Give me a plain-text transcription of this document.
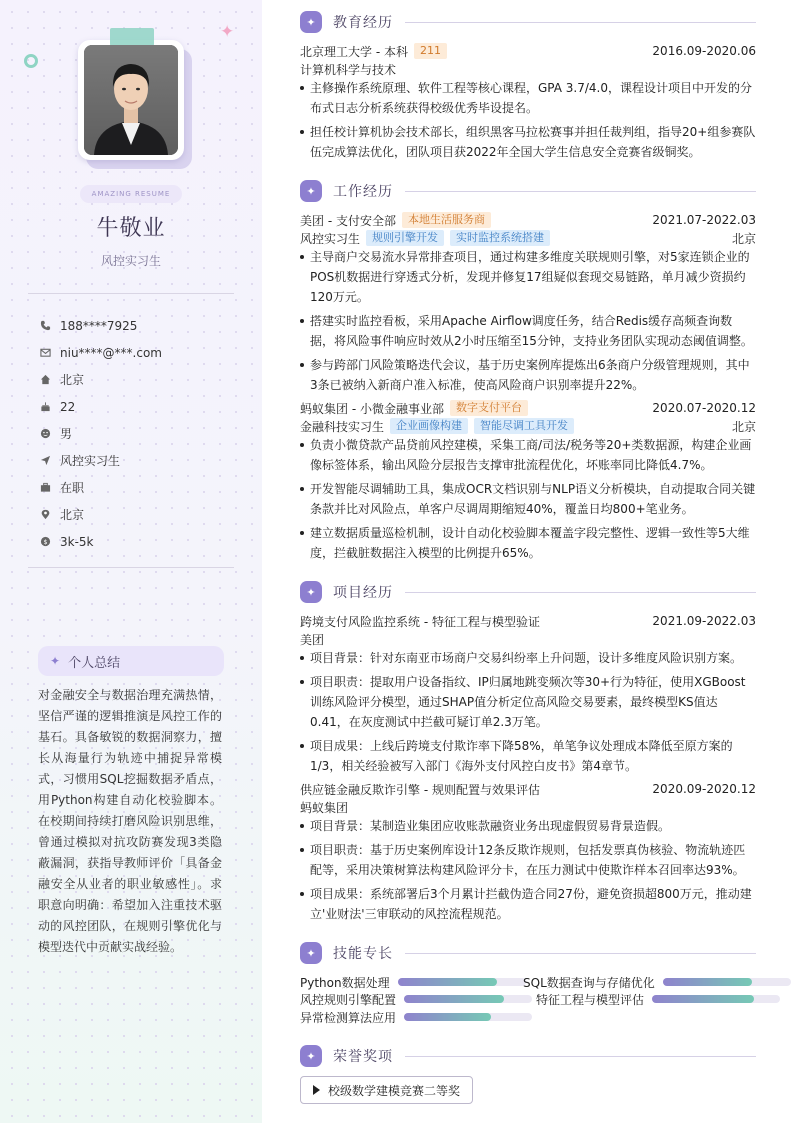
✦
AMAZING RESUME
牛敬业
风控实习生
188****7925
niu****@***.com
北京
22
男
风控实习生
在职
北京
$ 3k-5k
✦ 个人总结
对金融安全与数据治理充满热情，坚信严谨的逻辑推演是风控工作的基石。具备敏锐的数据洞察力，擅长从海量行为轨迹中捕捉异常模式，习惯用SQL挖掘数据矛盾点，用Python构建自动化校验脚本。在校期间持续打磨风险识别思维，曾通过模拟对抗攻防赛发现3类隐蔽漏洞，获指导教师评价「具备金融安全从业者的职业敏感性」。求职意向明确：希望加入注重技术驱动的风控团队，在规则引擎优化与模型迭代中贡献实战经验。
✦	教育经历
北京理工大学 - 本科	211	2016.09-2020.06
计算机科学与技术
主修操作系统原理、软件工程等核心课程，GPA 3.7/4.0，课程设计项目中开发的分布式日志分析系统获得校级优秀毕设提名。
担任校计算机协会技术部长，组织黑客马拉松赛事并担任裁判组，指导20+组参赛队伍完成算法优化，团队项目获2022年全国大学生信息安全竞赛省级铜奖。
✦	工作经历
美团 - 支付安全部	本地生活服务商	2021.07-2022.03
风控实习生	规则引擎开发	实时监控系统搭建	北京
主导商户交易流水异常排查项目，通过构建多维度关联规则引擎，对5家连锁企业的POS机数据进行穿透式分析，发现并修复17组疑似套现交易链路，单月减少资损约120万元。
搭建实时监控看板，采用Apache Airflow调度任务，结合Redis缓存高频查询数据，将风险事件响应时效从2小时压缩至15分钟，支持业务团队实现动态阈值调整。
参与跨部门风险策略迭代会议，基于历史案例库提炼出6条商户分级管理规则，其中3条已被纳入新商户准入标准，使高风险商户识别率提升22%。
蚂蚁集团 - 小微金融事业部	数字支付平台	2020.07-2020.12
金融科技实习生	企业画像构建	智能尽调工具开发	北京
负责小微贷款产品贷前风控建模，采集工商/司法/税务等20+类数据源，构建企业画像标签体系，输出风险分层报告支撑审批流程优化，坏账率同比降低4.7%。
开发智能尽调辅助工具，集成OCR文档识别与NLP语义分析模块，自动提取合同关键条款并比对风险点，单客户尽调周期缩短40%，覆盖日均800+笔业务。
建立数据质量巡检机制，设计自动化校验脚本覆盖字段完整性、逻辑一致性等5大维度，拦截脏数据注入模型的比例提升65%。
✦	项目经历
跨境支付风险监控系统 - 特征工程与模型验证	2021.09-2022.03
美团
项目背景：针对东南亚市场商户交易纠纷率上升问题，设计多维度风险识别方案。
项目职责：提取用户设备指纹、IP归属地跳变频次等30+行为特征，使用XGBoost训练风险评分模型，通过SHAP值分析定位高风险交易要素，最终模型KS值达0.41，在灰度测试中拦截可疑订单2.3万笔。
项目成果：上线后跨境支付欺诈率下降58%，单笔争议处理成本降低至原方案的1/3，相关经验被写入部门《海外支付风控白皮书》第4章节。
供应链金融反欺诈引擎 - 规则配置与效果评估	2020.09-2020.12
蚂蚁集团
项目背景：某制造业集团应收账款融资业务出现虚假贸易背景造假。
项目职责：基于历史案例库设计12条反欺诈规则，包括发票真伪核验、物流轨迹匹配等，采用决策树算法构建风险评分卡，在压力测试中使欺诈样本召回率达93%。
项目成果：系统部署后3个月累计拦截伪造合同27份，避免资损超800万元，推动建立'业财法'三审联动的风控流程规范。
✦	技能专长
Python数据处理	SQL数据查询与存储优化
风控规则引擎配置	特征工程与模型评估
异常检测算法应用
✦	荣誉奖项
校级数学建模竞赛二等奖
